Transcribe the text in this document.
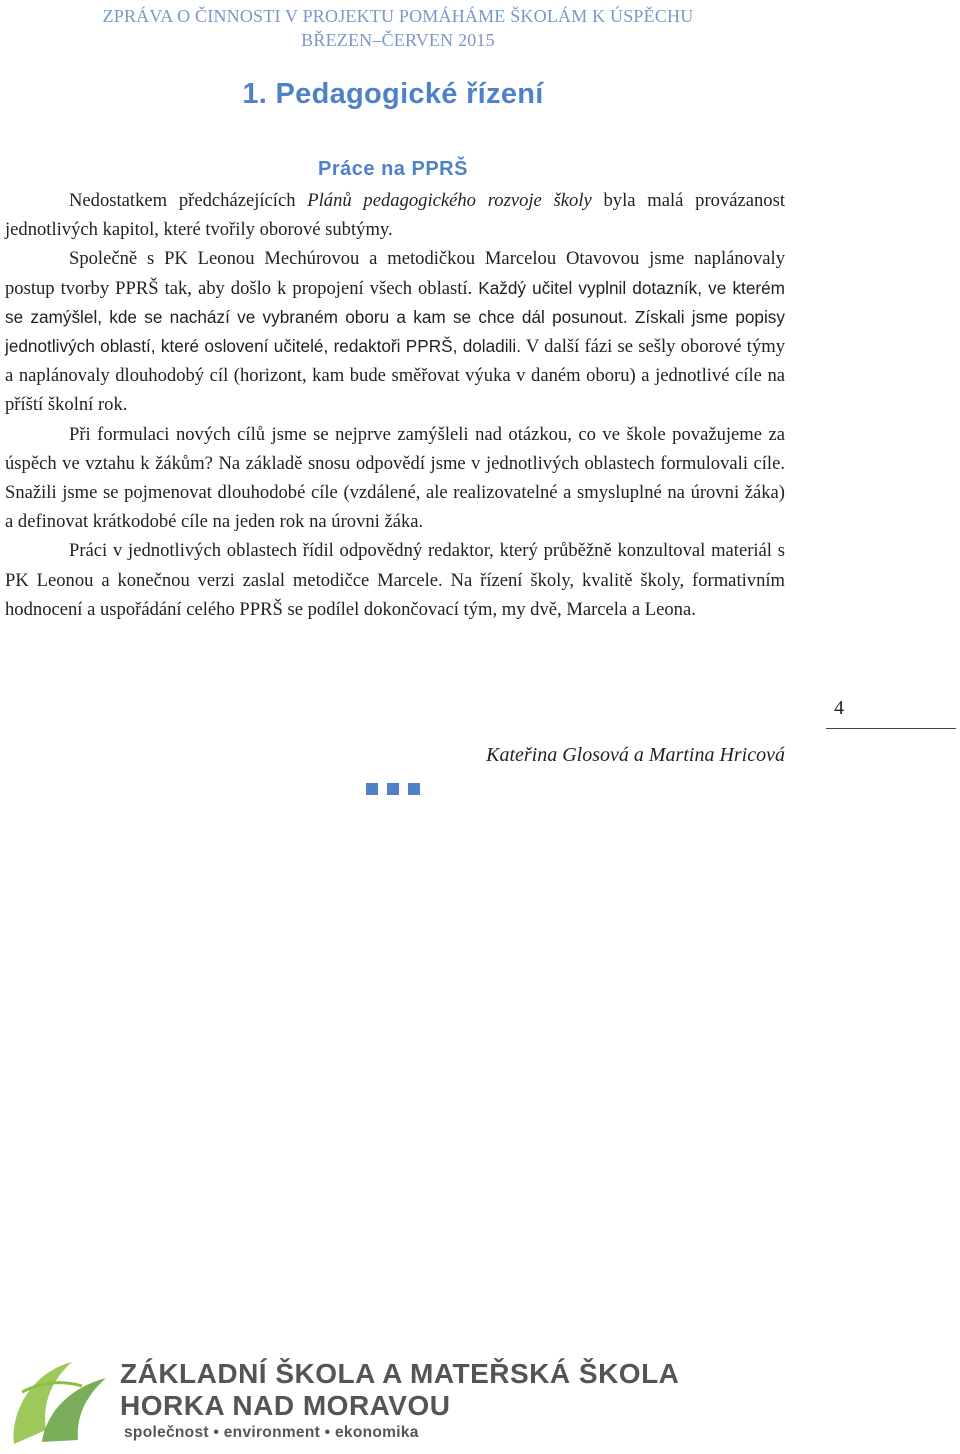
ZPRÁVA O ČINNOSTI V PROJEKTU POMÁHÁME ŠKOLÁM K ÚSPĚCHU
BŘEZEN–ČERVEN 2015
1. Pedagogické řízení
Práce na PPRŠ

Nedostatkem předcházejících Plánů pedagogického rozvoje školy byla malá provázanost jednotlivých kapitol, které tvořily oborové subtýmy.

Společně s PK Leonou Mechúrovou a metodičkou Marcelou Otavovou jsme naplánovaly postup tvorby PPRŠ tak, aby došlo k propojení všech oblastí. Každý učitel vyplnil dotazník, ve kterém se zamýšlel, kde se nachází ve vybraném oboru a kam se chce dál posunout. Získali jsme popisy jednotlivých oblastí, které oslovení učitelé, redaktoři PPRŠ, doladili. V další fázi se sešly oborové týmy a naplánovaly dlouhodobý cíl (horizont, kam bude směřovat výuka v daném oboru) a jednotlivé cíle na příští školní rok.

Při formulaci nových cílů jsme se nejprve zamýšleli nad otázkou, co ve škole považujeme za úspěch ve vztahu k žákům? Na základě snosu odpovědí jsme v jednotlivých oblastech formulovali cíle. Snažili jsme se pojmenovat dlouhodobé cíle (vzdálené, ale realizovatelné a smysluplné na úrovni žáka) a definovat krátkodobé cíle na jeden rok na úrovni žáka.

Práci v jednotlivých oblastech řídil odpovědný redaktor, který průběžně konzultoval materiál s PK Leonou a konečnou verzi zaslal metodičce Marcele. Na řízení školy, kvalitě školy, formativním hodnocení a uspořádání celého PPRŠ se podílel dokončovací tým, my dvě, Marcela a Leona.

Kateřina Glosová a Martina Hricová
4
ZÁKLADNÍ ŠKOLA A MATEŘSKÁ ŠKOLA
HORKA NAD MORAVOU
společnost • environment • ekonomika
